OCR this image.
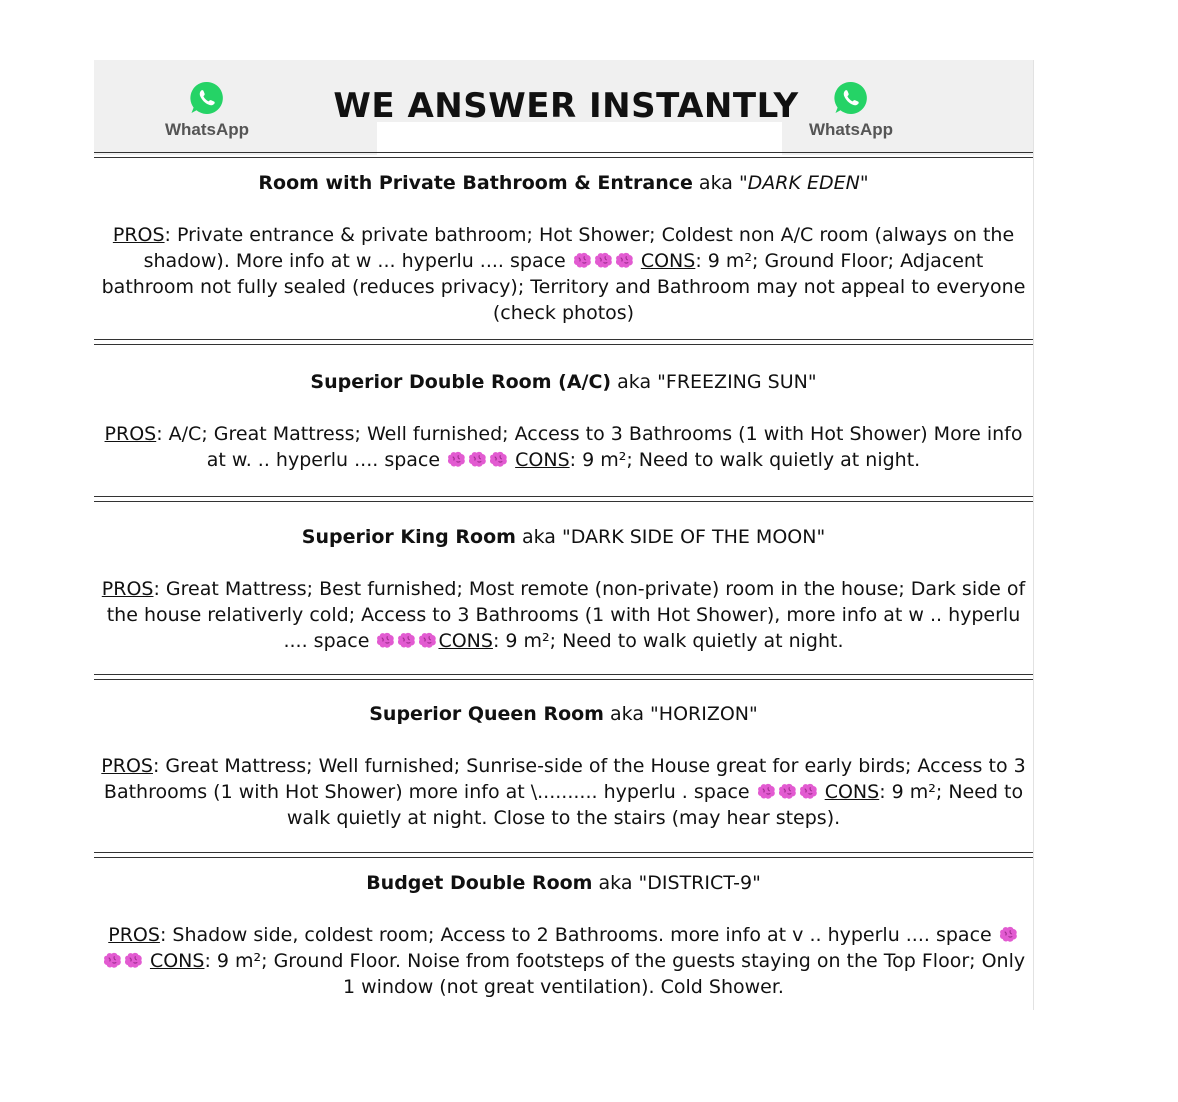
WhatsApp
WE ANSWER INSTANTLY
WhatsApp

Room with Private Bathroom & Entrance aka "DARK EDEN"

PROS: Private entrance & private bathroom; Hot Shower; Coldest non A/C room (always on the shadow). More info at w ... hyperlu .... space	CONS: 9 m²; Ground Floor; Adjacent bathroom not fully sealed (reduces privacy); Territory and Bathroom may not appeal to everyone (check photos)

Superior Double Room (A/C) aka "FREEZING SUN"

PROS: A/C; Great Mattress; Well furnished; Access to 3 Bathrooms (1 with Hot Shower) More info at w. .. hyperlu .... space	CONS: 9 m²; Need to walk quietly at night.

Superior King Room aka "DARK SIDE OF THE MOON"

PROS: Great Mattress; Best furnished; Most remote (non-private) room in the house; Dark side of the house relativerly cold; Access to 3 Bathrooms (1 with Hot Shower), more info at w .. hyperlu .... space	CONS: 9 m²; Need to walk quietly at night.

Superior Queen Room aka "HORIZON"

PROS: Great Mattress; Well furnished; Sunrise-side of the House great for early birds; Access to 3 Bathrooms (1 with Hot Shower) more info at \.......... hyperlu . space	CONS: 9 m²; Need to walk quietly at night. Close to the stairs (may hear steps).

Budget Double Room aka "DISTRICT-9"

PROS: Shadow side, coldest room; Access to 2 Bathrooms. more info at v .. hyperlu .... space  CONS: 9 m²; Ground Floor. Noise from footsteps of the guests staying on the Top Floor; Only 1 window (not great ventilation). Cold Shower.
